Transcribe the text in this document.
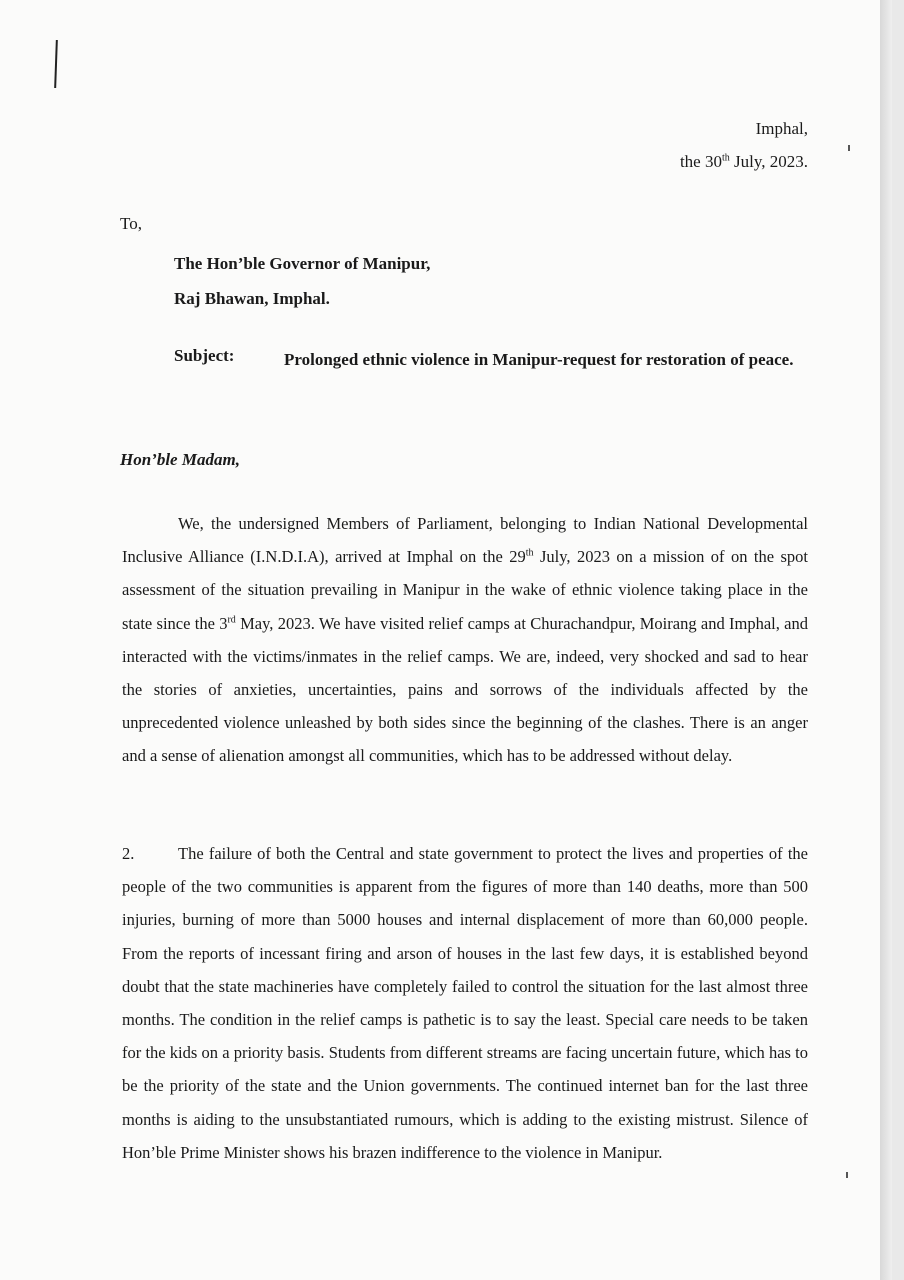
Imphal,
the 30th July, 2023.
To,
The Hon’ble Governor of Manipur,
Raj Bhawan, Imphal.
Subject:	Prolonged ethnic violence in Manipur-request for restoration of peace.
Hon’ble Madam,
We, the undersigned Members of Parliament, belonging to Indian National Developmental Inclusive Alliance (I.N.D.I.A), arrived at Imphal on the 29th July, 2023 on a mission of on the spot assessment of the situation prevailing in Manipur in the wake of ethnic violence taking place in the state since the 3rd May, 2023. We have visited relief camps at Churachandpur, Moirang and Imphal, and interacted with the victims/inmates in the relief camps. We are, indeed, very shocked and sad to hear the stories of anxieties, uncertainties, pains and sorrows of the individuals affected by the unprecedented violence unleashed by both sides since the beginning of the clashes. There is an anger and a sense of alienation amongst all communities, which has to be addressed without delay.
2.	The failure of both the Central and state government to protect the lives and properties of the people of the two communities is apparent from the figures of more than 140 deaths, more than 500 injuries, burning of more than 5000 houses and internal displacement of more than 60,000 people. From the reports of incessant firing and arson of houses in the last few days, it is established beyond doubt that the state machineries have completely failed to control the situation for the last almost three months. The condition in the relief camps is pathetic is to say the least. Special care needs to be taken for the kids on a priority basis. Students from different streams are facing uncertain future, which has to be the priority of the state and the Union governments. The continued internet ban for the last three months is aiding to the unsubstantiated rumours, which is adding to the existing mistrust. Silence of Hon’ble Prime Minister shows his brazen indifference to the violence in Manipur.
